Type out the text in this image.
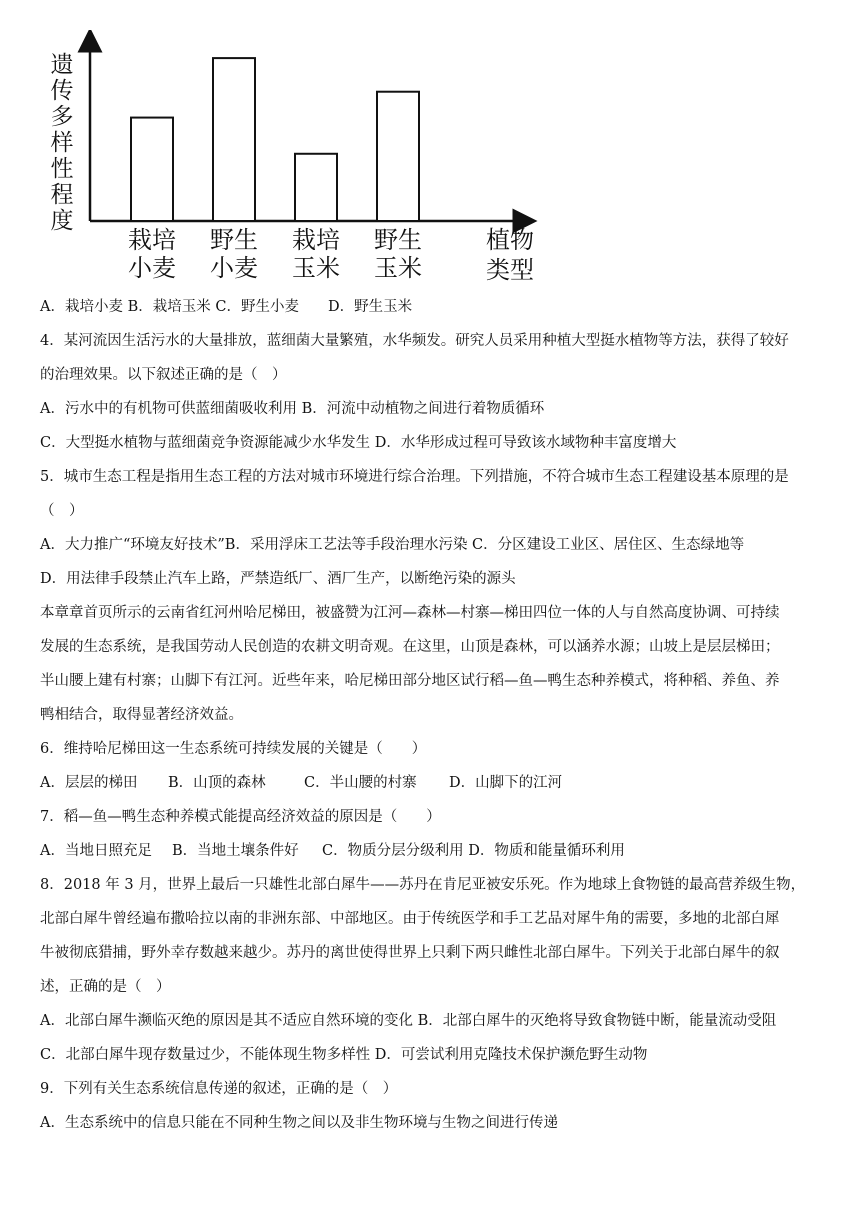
遗
传
多
样
性
程
度
栽培
小麦
野生
小麦
栽培
玉米
野生
玉米
植物
类型

A．栽培小麦 B．栽培玉米 C．野生小麦　　D．野生玉米

4．某河流因生活污水的大量排放，蓝细菌大量繁殖，水华频发。研究人员采用种植大型挺水植物等方法，获得了较好

的治理效果。以下叙述正确的是（　）

A．污水中的有机物可供蓝细菌吸收利用 B．河流中动植物之间进行着物质循环

C．大型挺水植物与蓝细菌竞争资源能减少水华发生 D．水华形成过程可导致该水域物种丰富度增大

5．城市生态工程是指用生态工程的方法对城市环境进行综合治理。下列措施，不符合城市生态工程建设基本原理的是

（　）

A．大力推广“环境友好技术”B．采用浮床工艺法等手段治理水污染 C．分区建设工业区、居住区、生态绿地等

D．用法律手段禁止汽车上路，严禁造纸厂、酒厂生产，以断绝污染的源头

本章章首页所示的云南省红河州哈尼梯田，被盛赞为江河—森林—村寨—梯田四位一体的人与自然高度协调、可持续

发展的生态系统，是我国劳动人民创造的农耕文明奇观。在这里，山顶是森林，可以涵养水源；山坡上是层层梯田；

半山腰上建有村寨；山脚下有江河。近些年来，哈尼梯田部分地区试行稻—鱼—鸭生态种养模式，将种稻、养鱼、养

鸭相结合，取得显著经济效益。

6．维持哈尼梯田这一生态系统可持续发展的关键是（　　）

A．层层的梯田 B．山顶的森林	C．半山腰的村寨 D．山脚下的江河

7．稻—鱼—鸭生态种养模式能提高经济效益的原因是（　　）

A．当地日照充足 B．当地土壤条件好 C．物质分层分级利用 D．物质和能量循环利用

8．2018 年 3 月，世界上最后一只雄性北部白犀牛——苏丹在肯尼亚被安乐死。作为地球上食物链的最高营养级生物，

北部白犀牛曾经遍布撒哈拉以南的非洲东部、中部地区。由于传统医学和手工艺品对犀牛角的需要，多地的北部白犀

牛被彻底猎捕，野外幸存数越来越少。苏丹的离世使得世界上只剩下两只雌性北部白犀牛。下列关于北部白犀牛的叙

述，正确的是（　）

A．北部白犀牛濒临灭绝的原因是其不适应自然环境的变化 B．北部白犀牛的灭绝将导致食物链中断，能量流动受阻

C．北部白犀牛现存数量过少，不能体现生物多样性 D．可尝试利用克隆技术保护濒危野生动物

9．下列有关生态系统信息传递的叙述，正确的是（　）

A．生态系统中的信息只能在不同种生物之间以及非生物环境与生物之间进行传递
